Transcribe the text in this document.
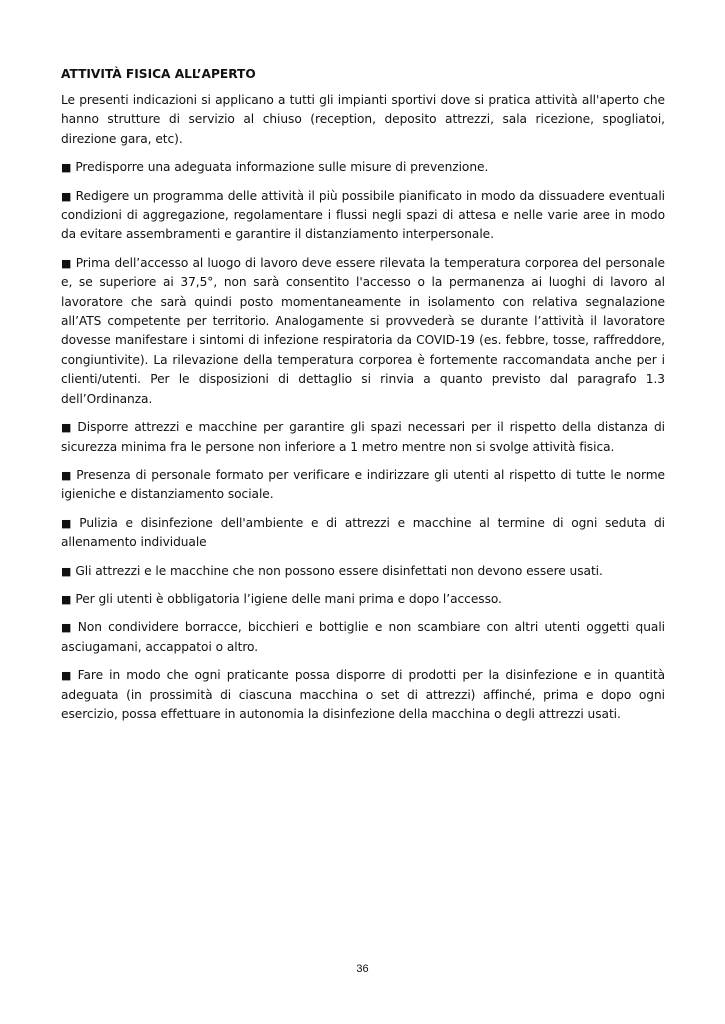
ATTIVITÀ FISICA ALL’APERTO

Le presenti indicazioni si applicano a tutti gli impianti sportivi dove si pratica attività all'aperto che hanno strutture di servizio al chiuso (reception, deposito attrezzi, sala ricezione, spogliatoi, direzione gara, etc).

■ Predisporre una adeguata informazione sulle misure di prevenzione.

■ Redigere un programma delle attività il più possibile pianificato in modo da dissuadere eventuali condizioni di aggregazione, regolamentare i flussi negli spazi di attesa e nelle varie aree in modo da evitare assembramenti e garantire il distanziamento interpersonale.

■ Prima dell’accesso al luogo di lavoro deve essere rilevata la temperatura corporea del personale e, se superiore ai 37,5°, non sarà consentito l'accesso o la permanenza ai luoghi di lavoro al lavoratore che sarà quindi posto momentaneamente in isolamento con relativa segnalazione all’ATS competente per territorio. Analogamente si provvederà se durante l’attività il lavoratore dovesse manifestare i sintomi di infezione respiratoria da COVID-19 (es. febbre, tosse, raffreddore, congiuntivite). La rilevazione della temperatura corporea è fortemente raccomandata anche per i clienti/utenti. Per le disposizioni di dettaglio si rinvia a quanto previsto dal paragrafo 1.3 dell’Ordinanza.

■ Disporre attrezzi e macchine per garantire gli spazi necessari per il rispetto della distanza di sicurezza minima fra le persone non inferiore a 1 metro mentre non si svolge attività fisica.

■ Presenza di personale formato per verificare e indirizzare gli utenti al rispetto di tutte le norme igieniche e distanziamento sociale.

■ Pulizia e disinfezione dell'ambiente e di attrezzi e macchine al termine di ogni seduta di allenamento individuale

■ Gli attrezzi e le macchine che non possono essere disinfettati non devono essere usati.

■ Per gli utenti è obbligatoria l’igiene delle mani prima e dopo l’accesso.

■ Non condividere borracce, bicchieri e bottiglie e non scambiare con altri utenti oggetti quali asciugamani, accappatoi o altro.

■ Fare in modo che ogni praticante possa disporre di prodotti per la disinfezione e in quantità adeguata (in prossimità di ciascuna macchina o set di attrezzi) affinché, prima e dopo ogni esercizio, possa effettuare in autonomia la disinfezione della macchina o degli attrezzi usati.

36
